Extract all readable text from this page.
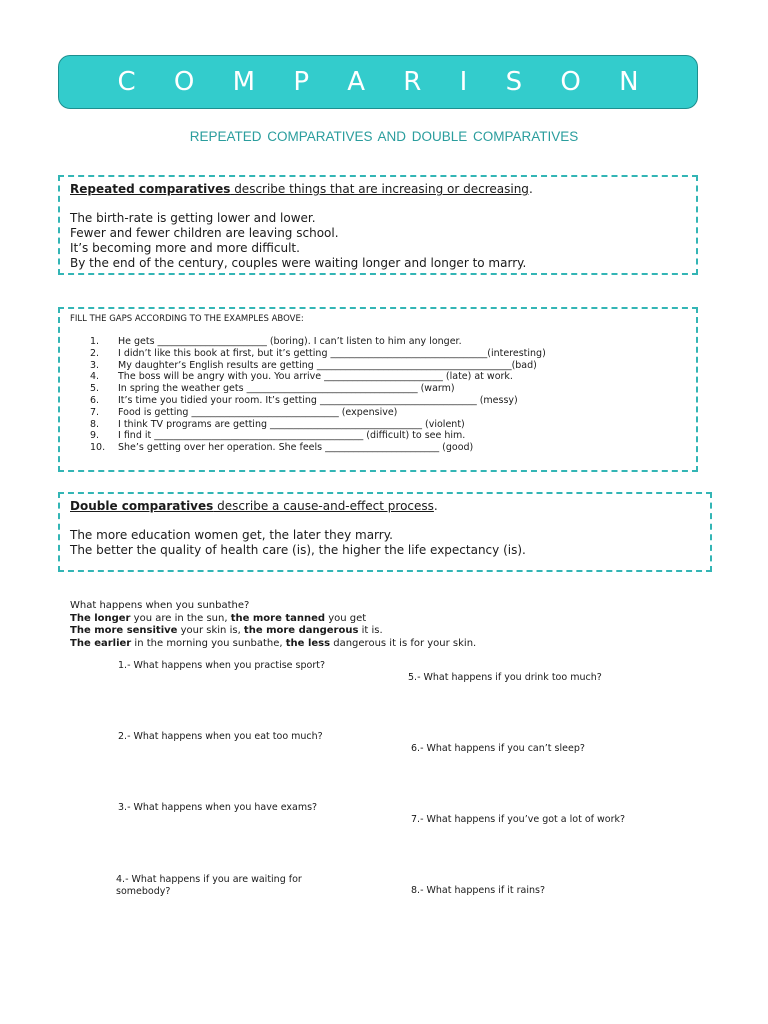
C O M P A R I S O N
REPEATED COMPARATIVES AND DOUBLE COMPARATIVES

Repeated comparatives describe things that are increasing or decreasing.

The birth-rate is getting lower and lower.

Fewer and fewer children are leaving school.

It’s becoming more and more difficult.

By the end of the century, couples were waiting longer and longer to marry.

FILL THE GAPS ACCORDING TO THE EXAMPLES ABOVE:
1.	He gets _______________________ (boring). I can’t listen to him any longer.
2.	I didn’t like this book at first, but it’s getting _________________________________(interesting)
3.	My daughter’s English results are getting _________________________________________(bad)
4.	The boss will be angry with you. You arrive _________________________ (late) at work.
5.	In spring the weather gets ____________________________________ (warm)
6.	It’s time you tidied your room. It’s getting _________________________________ (messy)
7.	Food is getting _______________________________ (expensive)
8.	I think TV programs are getting ________________________________ (violent)
9.	I find it ____________________________________________ (difficult) to see him.
10.	She’s getting over her operation. She feels ________________________ (good)

Double comparatives describe a cause-and-effect process.

The more education women get, the later they marry.

The better the quality of health care (is), the higher the life expectancy (is).

What happens when you sunbathe?
The longer you are in the sun, the more tanned you get
The more sensitive your skin is, the more dangerous it is.
The earlier in the morning you sunbathe, the less dangerous it is for your skin.
1.- What happens when you practise sport?
2.- What happens when you eat too much?
3.- What happens when you have exams?
4.- What happens if you are waiting for somebody?
5.- What happens if you drink too much?
6.- What happens if you can’t sleep?
7.- What happens if you’ve got a lot of work?
8.- What happens if it rains?
